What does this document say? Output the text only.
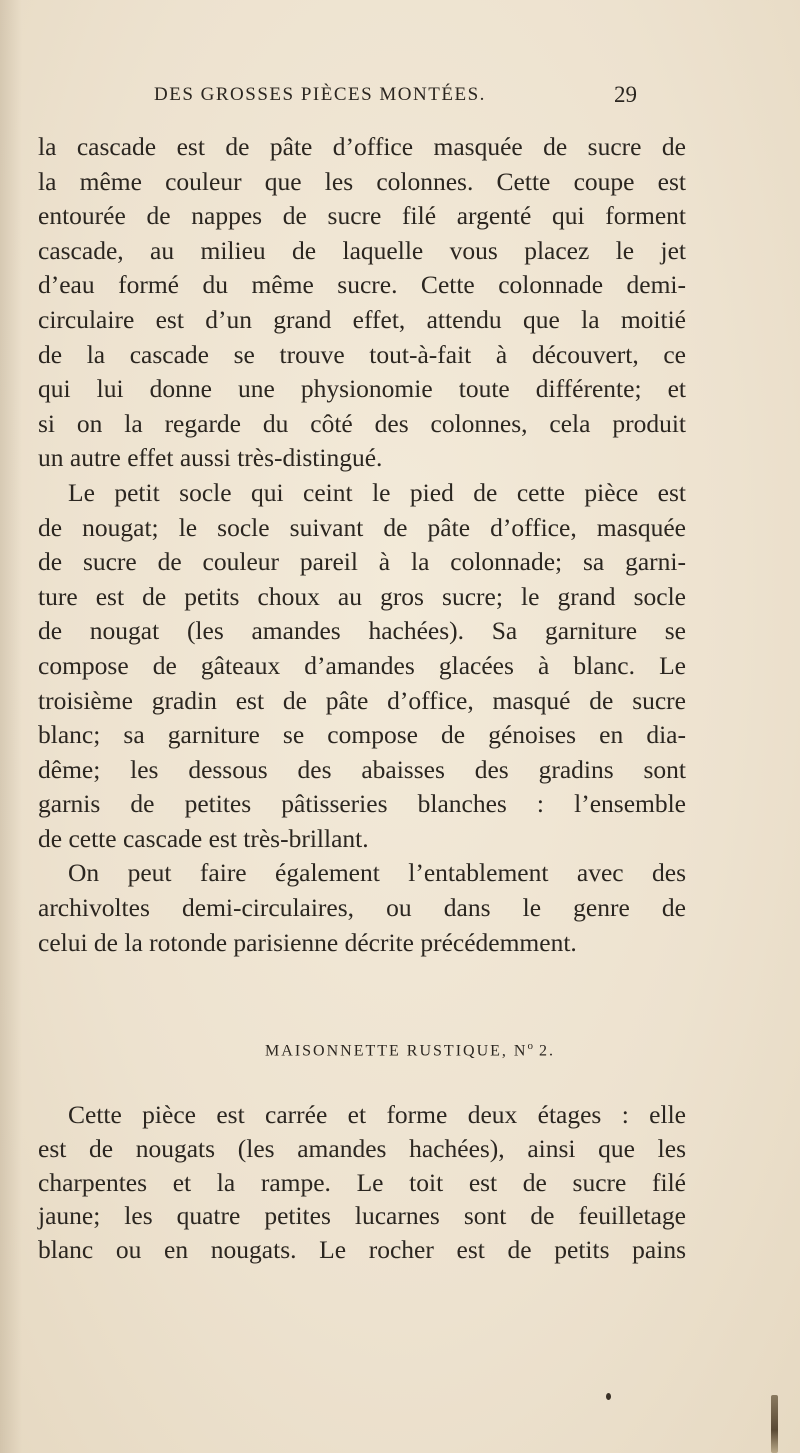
DES GROSSES PIÈCES MONTÉES.	29
la cascade est de pâte d’office masquée de sucre de
la même couleur que les colonnes. Cette coupe est
entourée de nappes de sucre filé argenté qui forment
cascade, au milieu de laquelle vous placez le jet
d’eau formé du même sucre. Cette colonnade demi-
circulaire est d’un grand effet, attendu que la moitié
de la cascade se trouve tout-à-fait à découvert, ce
qui lui donne une physionomie toute différente; et
si on la regarde du côté des colonnes, cela produit
un autre effet aussi très-distingué.
Le petit socle qui ceint le pied de cette pièce est
de nougat; le socle suivant de pâte d’office, masquée
de sucre de couleur pareil à la colonnade; sa garni-
ture est de petits choux au gros sucre; le grand socle
de nougat (les amandes hachées). Sa garniture se
compose de gâteaux d’amandes glacées à blanc. Le
troisième gradin est de pâte d’office, masqué de sucre
blanc; sa garniture se compose de génoises en dia-
dême; les dessous des abaisses des gradins sont
garnis de petites pâtisseries blanches : l’ensemble
de cette cascade est très-brillant.
On peut faire également l’entablement avec des
archivoltes demi-circulaires, ou dans le genre de
celui de la rotonde parisienne décrite précédemment.
MAISONNETTE RUSTIQUE, $N^o$ 2.
Cette pièce est carrée et forme deux étages : elle
est de nougats (les amandes hachées), ainsi que les
charpentes et la rampe. Le toit est de sucre filé
jaune; les quatre petites lucarnes sont de feuilletage
blanc ou en nougats. Le rocher est de petits pains
